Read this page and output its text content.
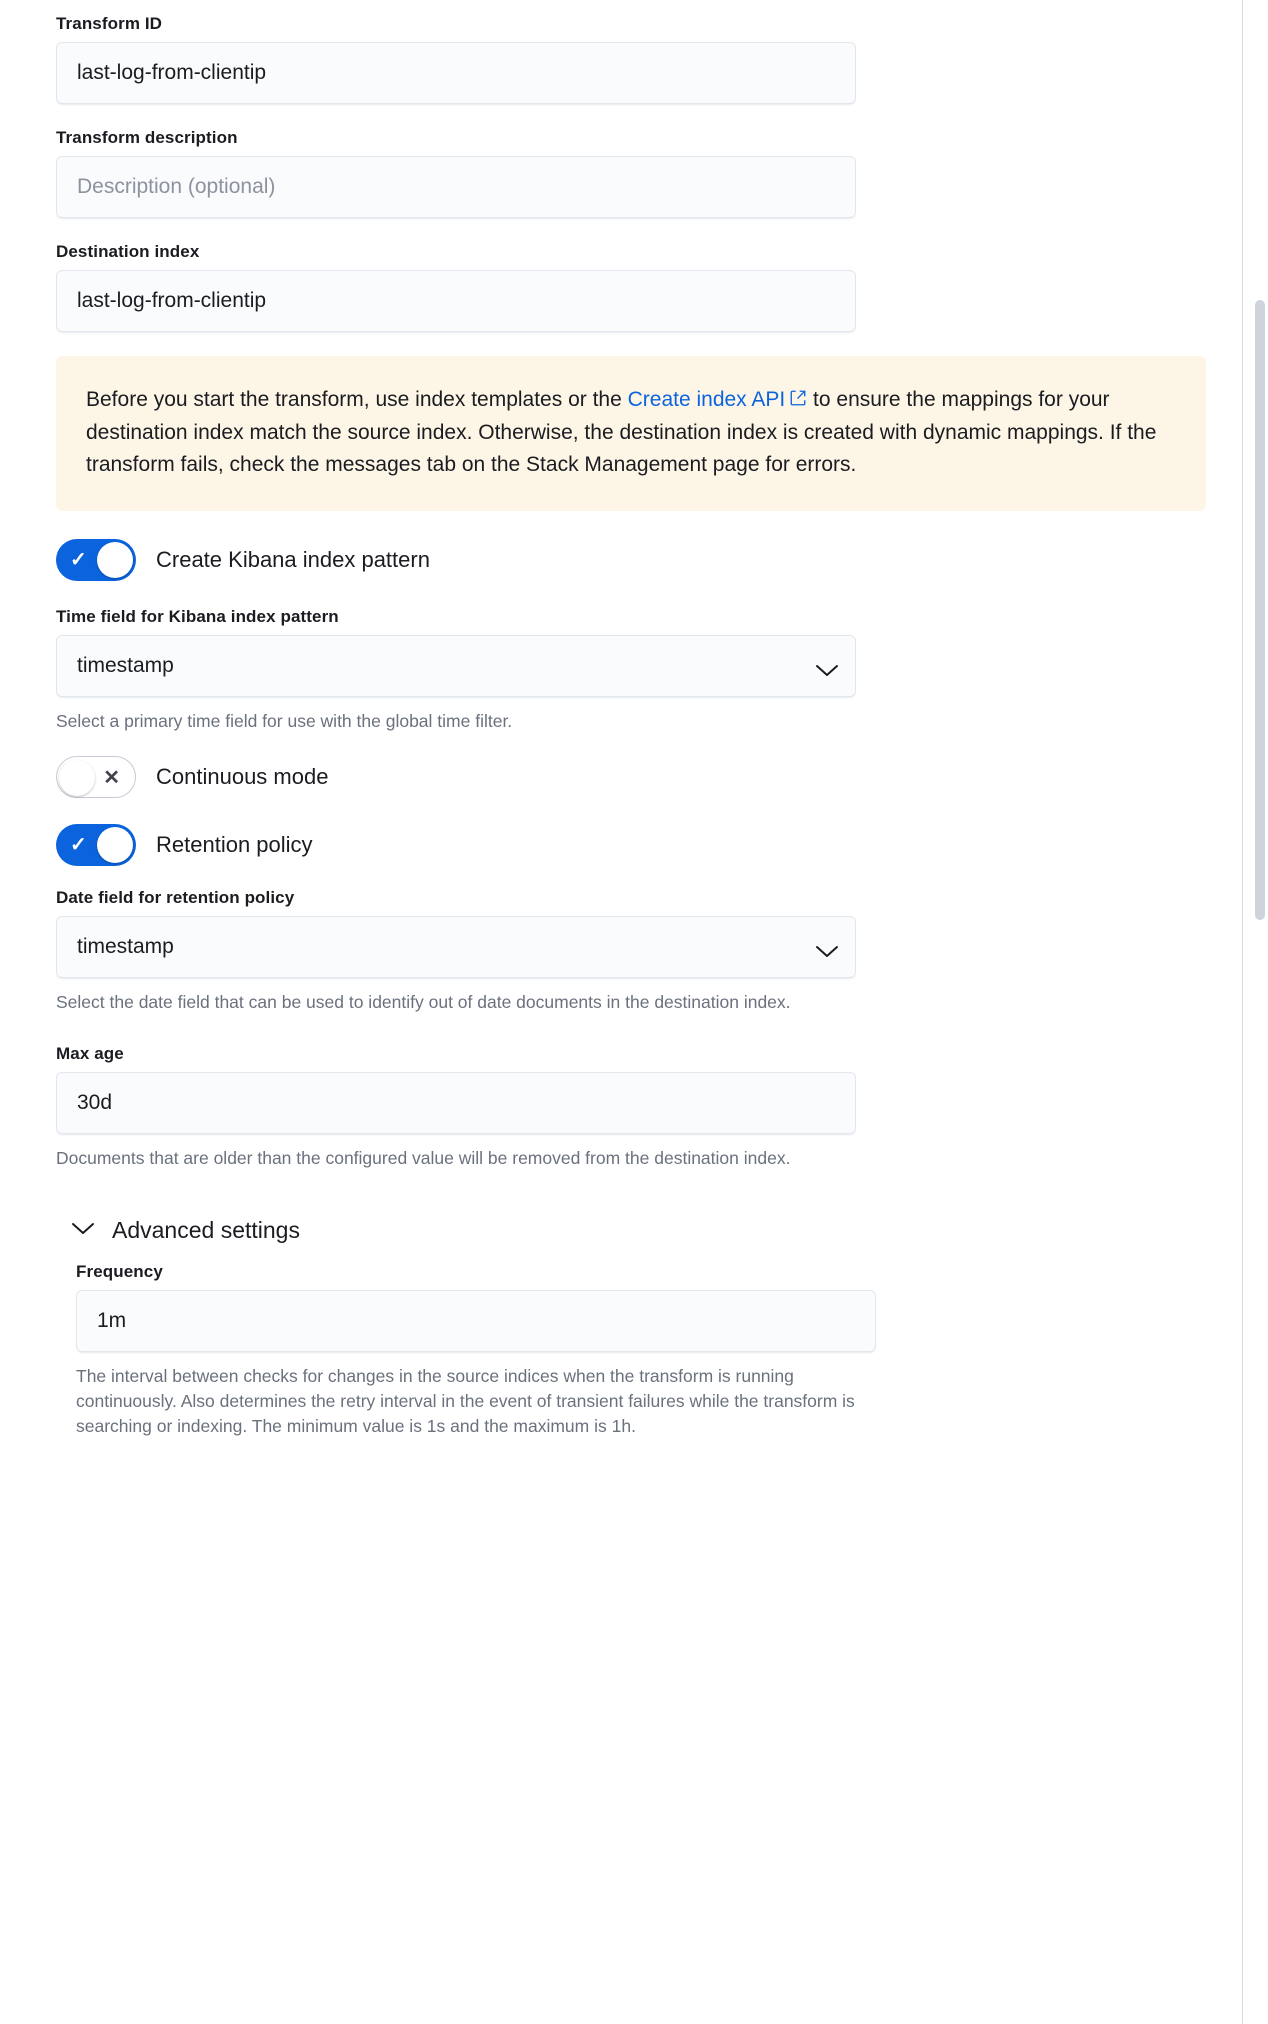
Transform ID
last-log-from-clientip
Transform description
Description (optional)
Destination index
last-log-from-clientip

Before you start the transform, use index templates or the Create index API to ensure the mappings for your destination index match the source index. Otherwise, the destination index is created with dynamic mappings. If the transform fails, check the messages tab on the Stack Management page for errors.

✓	Create Kibana index pattern
Time field for Kibana index pattern
timestamp

Select a primary time field for use with the global time filter.

✕ Continuous mode
✓	Retention policy
Date field for retention policy
timestamp

Select the date field that can be used to identify out of date documents in the destination index.

Max age
30d

Documents that are older than the configured value will be removed from the destination index.

Advanced settings
Frequency
1m

The interval between checks for changes in the source indices when the transform is running continuously. Also determines the retry interval in the event of transient failures while the transform is searching or indexing. The minimum value is 1s and the maximum is 1h.
